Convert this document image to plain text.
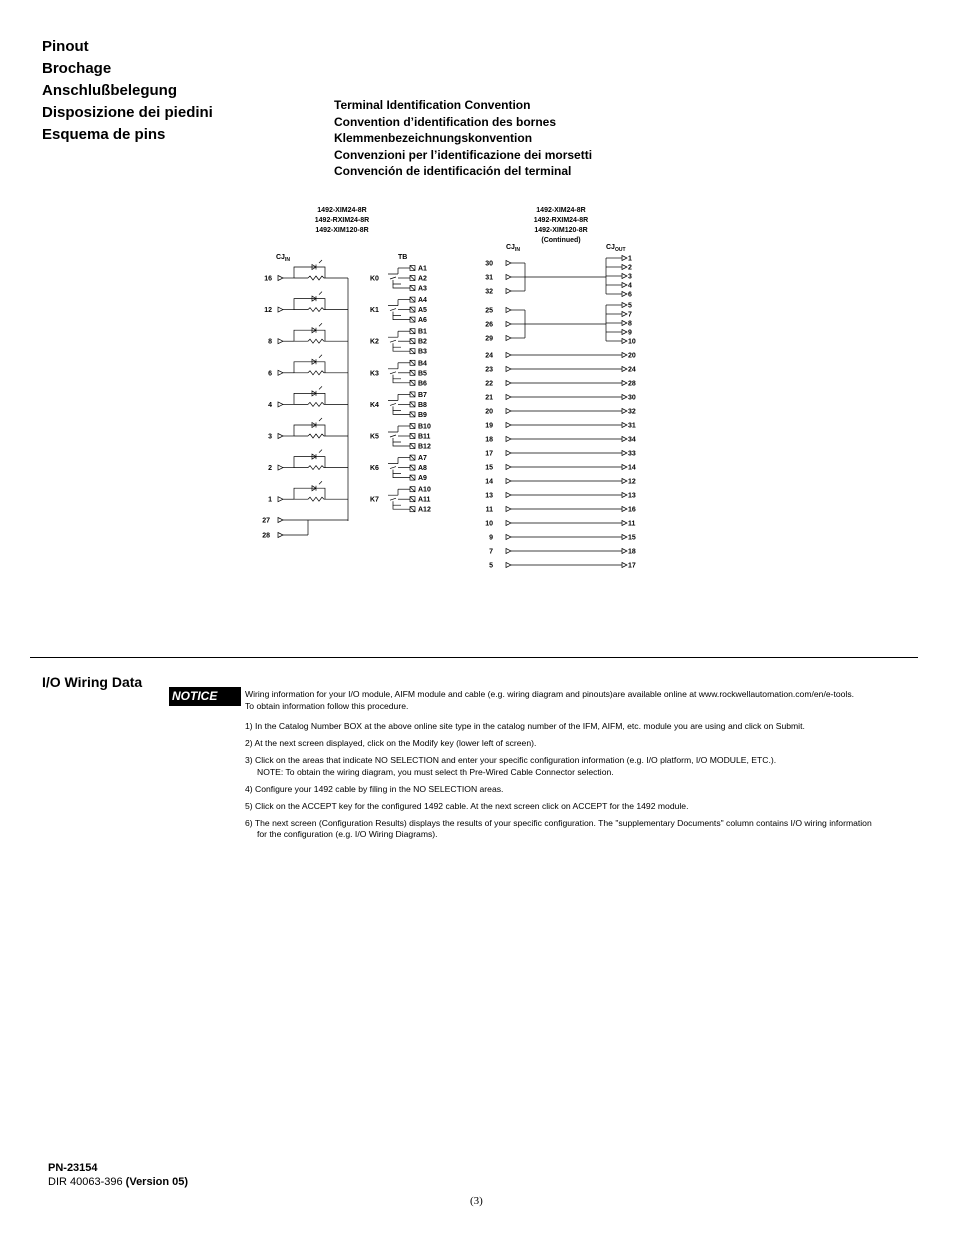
Pinout
Brochage
Anschlußbelegung
Disposizione dei piedini
Esquema de pins
Terminal Identification Convention
Convention d’identification des bornes
Klemmenbezeichnungskonvention
Convenzioni per l’identificazione dei morsetti
Convención de identificación del terminal
1492-XIM24-8R
1492-RXIM24-8R
1492-XIM120-8R
1492-XIM24-8R
1492-RXIM24-8R
1492-XIM120-8R
(Continued)
$CJ_{IN}$	TB
16	K0
A1
A2
A3
12	K1
A4
A5
A6
8	K2
B1
B2
B3
6	K3
B4
B5
B6
4	K4
B7
B8
B9
3	K5
B10
B11
B12
2	K6
A7
A8
A9
1	K7
A10
A11
A12
27
28
$CJ_{IN}$	$CJ_{OUT}$
30
31
32
1
2
3
4
6
25
26
29
5
7
8
9
10
24	20
23	24
22	28
21	30
20	32
19	31
18	34
17	33
15	14
14	12
13	13
11	16
10	11
9	15
7	18
5	17
I/O Wiring Data
NOTICE	Wiring information for your I/O module, AIFM module and cable (e.g. wiring diagram and pinouts)are available online at www.rockwellautomation.com/en/e-tools.
To obtain information follow this procedure.

1) In the Catalog Number BOX at the above online site type in the catalog number of the IFM, AIFM, etc. module you are using and click on Submit.

2) At the next screen displayed, click on the Modify key (lower left of screen).

3) Click on the areas that indicate NO SELECTION and enter your specific configuration information (e.g. I/O platform, I/O MODULE, ETC.).
NOTE: To obtain the wiring diagram, you must select th Pre-Wired Cable Connector selection.

4) Configure your 1492 cable by filing in the NO SELECTION areas.

5) Click on the ACCEPT key for the configured 1492 cable. At the next screen click on ACCEPT for the 1492 module.

6) The next screen (Configuration Results) displays the results of your specific configuration. The "supplementary Documents" column contains I/O wiring information
for the configuration (e.g. I/O Wiring Diagrams).

PN-23154
DIR 40063-396 (Version 05)
(3)
